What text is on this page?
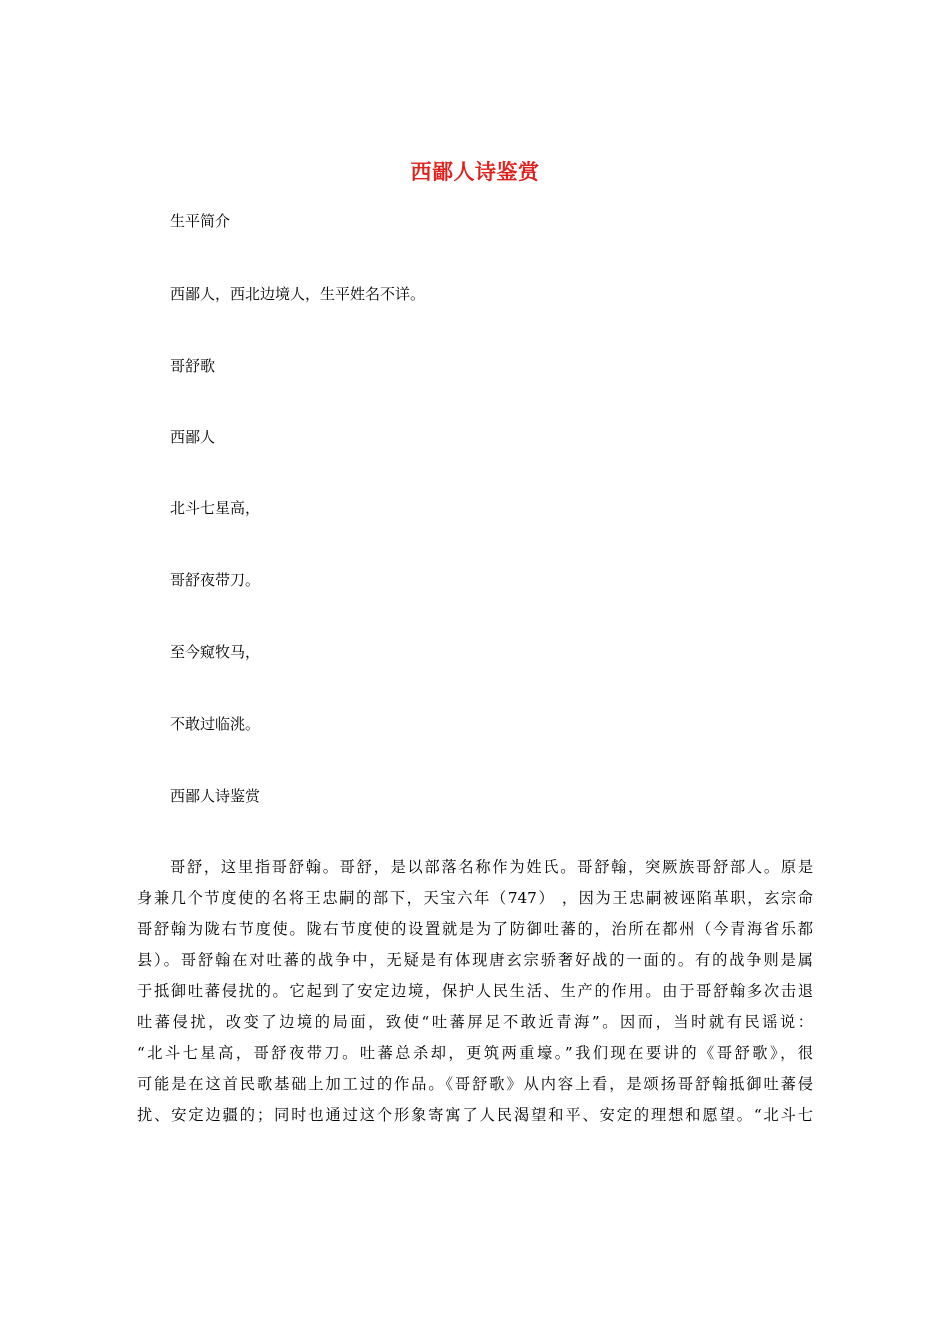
西鄙人诗鉴赏
生平简介
西鄙人，西北边境人，生平姓名不详。
哥舒歌
西鄙人
北斗七星高，
哥舒夜带刀。
至今窥牧马，
不敢过临洮。
西鄙人诗鉴赏
哥舒，这里指哥舒翰。哥舒，是以部落名称作为姓氏。哥舒翰，突厥族哥舒部人。原是
身兼几个节度使的名将王忠嗣的部下，天宝六年（747） ，因为王忠嗣被诬陷革职，玄宗命
哥舒翰为陇右节度使。陇右节度使的设置就是为了防御吐蕃的，治所在都州（今青海省乐都
县）。哥舒翰在对吐蕃的战争中，无疑是有体现唐玄宗骄奢好战的一面的。有的战争则是属
于抵御吐蕃侵扰的。它起到了安定边境，保护人民生活、生产的作用。由于哥舒翰多次击退
吐蕃侵扰，改变了边境的局面，致使“吐蕃屏足不敢近青海”。因而，当时就有民谣说：
“北斗七星高，哥舒夜带刀。吐蕃总杀却，更筑两重壕。”我们现在要讲的《哥舒歌》，很
可能是在这首民歌基础上加工过的作品。《哥舒歌》从内容上看，是颂扬哥舒翰抵御吐蕃侵
扰、安定边疆的；同时也通过这个形象寄寓了人民渴望和平、安定的理想和愿望。“北斗七
